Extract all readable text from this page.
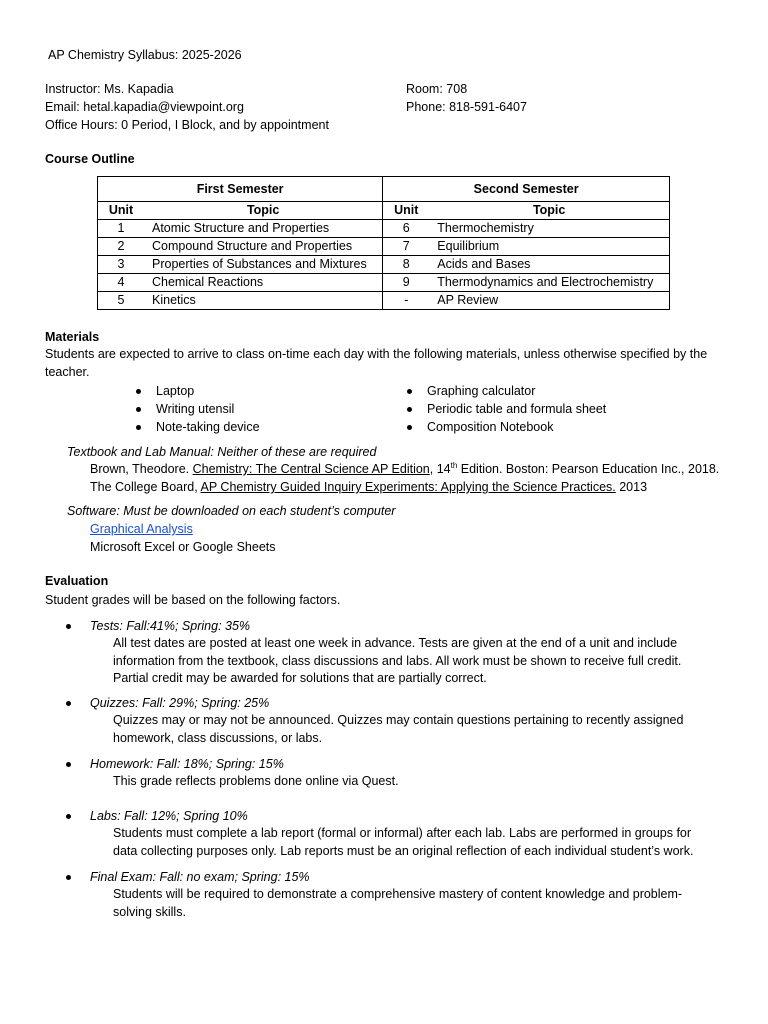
AP Chemistry Syllabus: 2025-2026
Instructor: Ms. Kapadia
Email: hetal.kapadia@viewpoint.org
Office Hours: 0 Period, I Block, and by appointment
Room: 708
Phone: 818-591-6407
Course Outline
First Semester		Second Semester	
Unit	Topic	Unit	Topic
1	Atomic Structure and Properties	6	Thermochemistry
2	Compound Structure and Properties	7	Equilibrium
3	Properties of Substances and Mixtures	8	Acids and Bases
4	Chemical Reactions	9	Thermodynamics and Electrochemistry
5	Kinetics	-	AP Review
Materials
Students are expected to arrive to class on-time each day with the following materials, unless otherwise specified by the teacher.
Laptop
Writing utensil
Note-taking device
Graphing calculator
Periodic table and formula sheet
Composition Notebook
Textbook and Lab Manual: Neither of these are required
Brown, Theodore. Chemistry: The Central Science AP Edition, 14th Edition. Boston: Pearson Education Inc., 2018.
The College Board, AP Chemistry Guided Inquiry Experiments: Applying the Science Practices. 2013
Software: Must be downloaded on each student’s computer
Graphical Analysis
Microsoft Excel or Google Sheets
Evaluation
Student grades will be based on the following factors.
Tests: Fall:41%; Spring: 35%
All test dates are posted at least one week in advance. Tests are given at the end of a unit and include information from the textbook, class discussions and labs. All work must be shown to receive full credit. Partial credit may be awarded for solutions that are partially correct.
Quizzes: Fall: 29%; Spring: 25%
Quizzes may or may not be announced. Quizzes may contain questions pertaining to recently assigned homework, class discussions, or labs.
Homework: Fall: 18%; Spring: 15%
This grade reflects problems done online via Quest.
Labs: Fall: 12%; Spring 10%
Students must complete a lab report (formal or informal) after each lab. Labs are performed in groups for data collecting purposes only. Lab reports must be an original reflection of each individual student’s work.
Final Exam: Fall: no exam; Spring: 15%
Students will be required to demonstrate a comprehensive mastery of content knowledge and problem-solving skills.
